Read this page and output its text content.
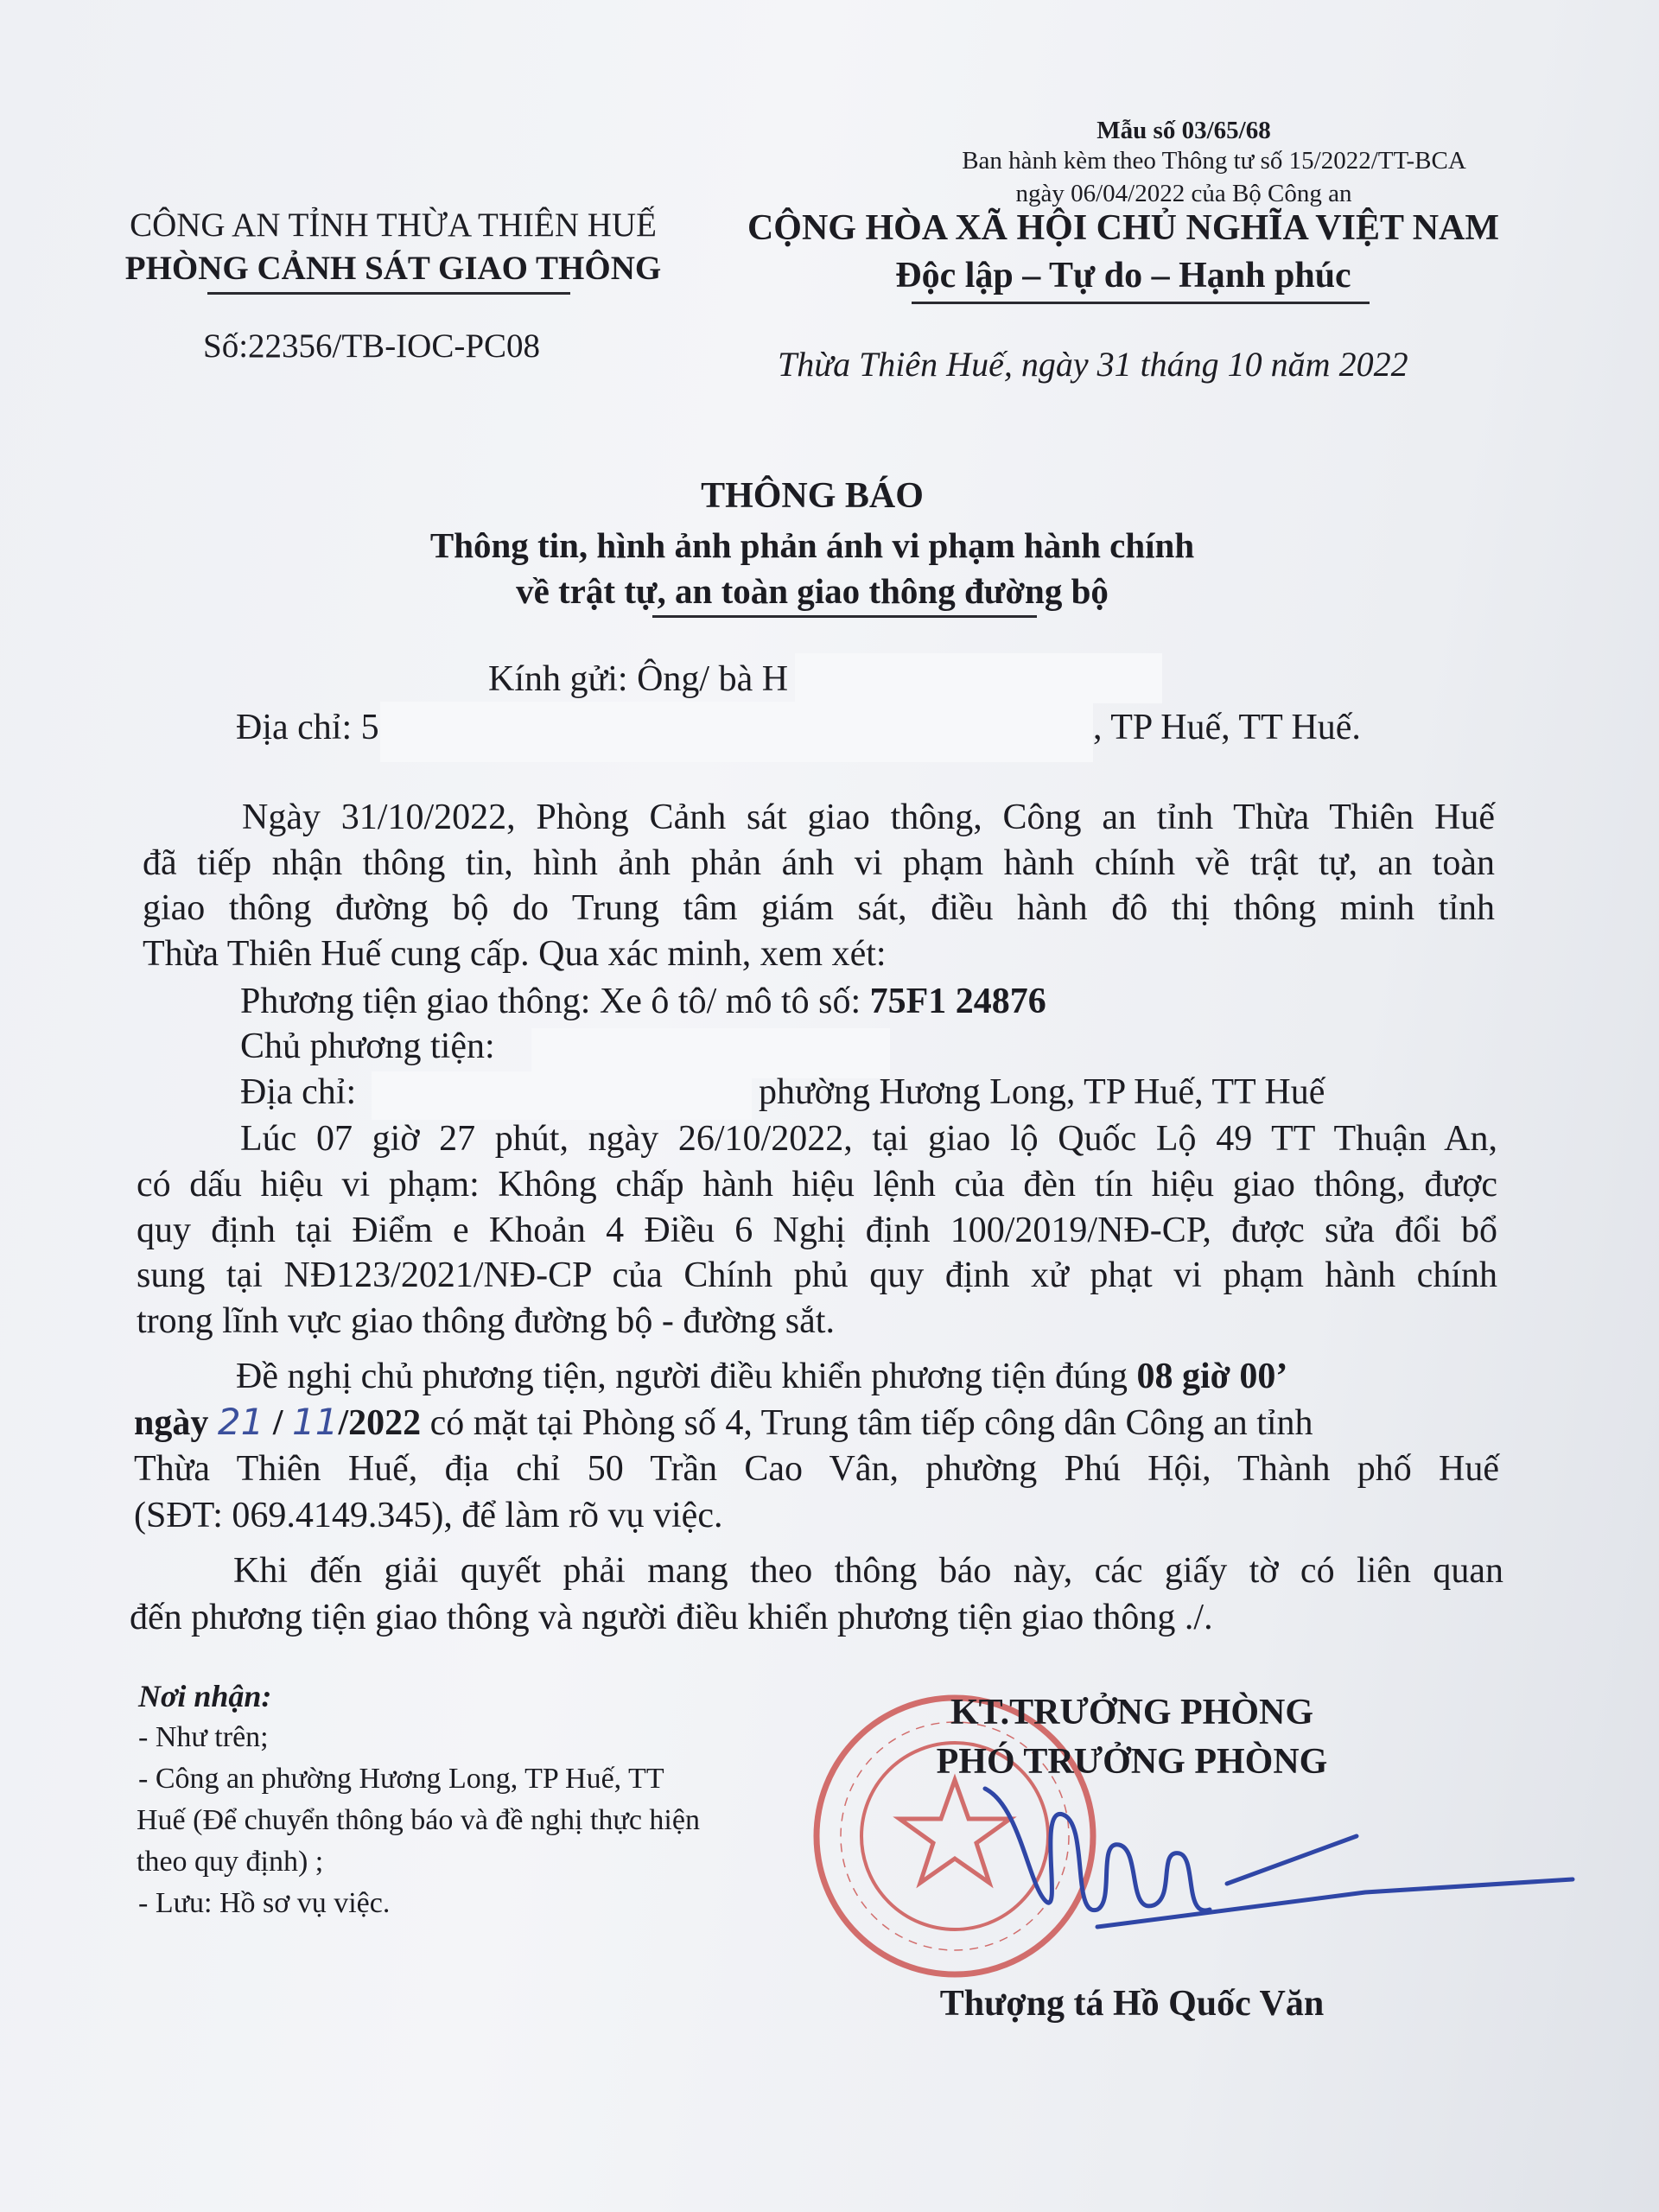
Mẫu số 03/65/68
Ban hành kèm theo Thông tư số 15/2022/TT-BCA
ngày 06/04/2022 của Bộ Công an
CÔNG AN TỈNH THỪA THIÊN HUẾ
PHÒNG CẢNH SÁT GIAO THÔNG
Số:22356/TB-IOC-PC08
CỘNG HÒA XÃ HỘI CHỦ NGHĨA VIỆT NAM
Độc lập – Tự do – Hạnh phúc
Thừa Thiên Huế, ngày 31 tháng 10 năm 2022
THÔNG BÁO
Thông tin, hình ảnh phản ánh vi phạm hành chính
về trật tự, an toàn giao thông đường bộ
Kính gửi: Ông/ bà H
Địa chỉ: 5	, TP Huế, TT Huế.
Ngày 31/10/2022, Phòng Cảnh sát giao thông, Công an tỉnh Thừa Thiên Huế
đã tiếp nhận thông tin, hình ảnh phản ánh vi phạm hành chính về trật tự, an toàn
giao thông đường bộ do Trung tâm giám sát, điều hành đô thị thông minh tỉnh
Thừa Thiên Huế cung cấp. Qua xác minh, xem xét:
Phương tiện giao thông: Xe ô tô/ mô tô số: 75F1 24876
Chủ phương tiện:
Địa chỉ:	phường Hương Long, TP Huế, TT Huế
Lúc 07 giờ 27 phút, ngày 26/10/2022, tại giao lộ Quốc Lộ 49 TT Thuận An,
có dấu hiệu vi phạm: Không chấp hành hiệu lệnh của đèn tín hiệu giao thông, được
quy định tại Điểm e Khoản 4 Điều 6 Nghị định 100/2019/NĐ-CP, được sửa đổi bổ
sung tại NĐ123/2021/NĐ-CP của Chính phủ quy định xử phạt vi phạm hành chính
trong lĩnh vực giao thông đường bộ - đường sắt.
Đề nghị chủ phương tiện, người điều khiển phương tiện đúng 08 giờ 00’
ngày 21 / 11/2022 có mặt tại Phòng số 4, Trung tâm tiếp công dân Công an tỉnh
Thừa Thiên Huế, địa chỉ 50 Trần Cao Vân, phường Phú Hội, Thành phố Huế
(SĐT: 069.4149.345), để làm rõ vụ việc.
Khi đến giải quyết phải mang theo thông báo này, các giấy tờ có liên quan
đến phương tiện giao thông và người điều khiển phương tiện giao thông ./.
Nơi nhận:
- Như trên;
- Công an phường Hương Long, TP Huế, TT
Huế (Để chuyển thông báo và đề nghị thực hiện
theo quy định) ;
- Lưu: Hồ sơ vụ việc.
KT.TRƯỞNG PHÒNG
PHÓ TRƯỞNG PHÒNG
Thượng tá Hồ Quốc Văn
